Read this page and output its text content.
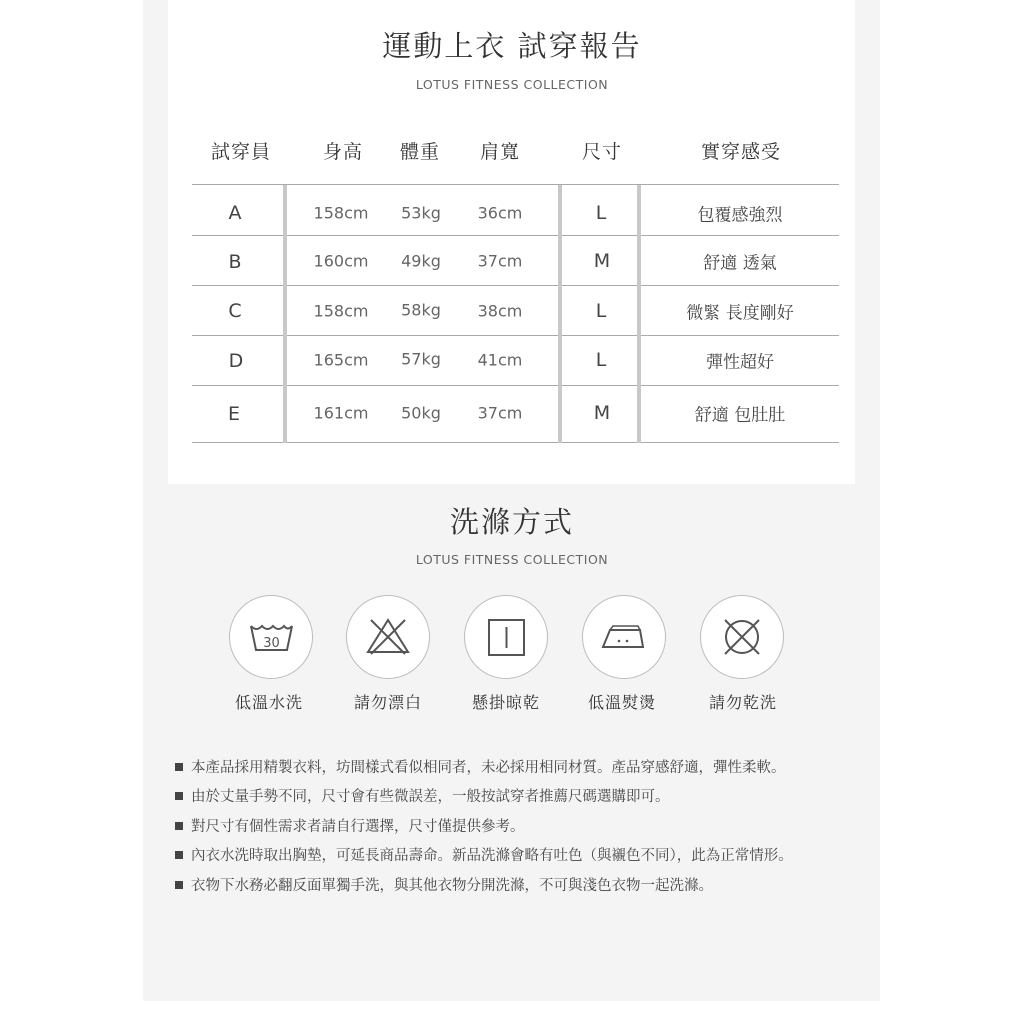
運動上衣 試穿報告
LOTUS FITNESS COLLECTION
試穿員	身高 體重 肩寬	尺寸	實穿感受
A	158cm 53kg 36cm	L	包覆感強烈
B	160cm 49kg 37cm	M	舒適 透氣
C	158cm 58kg 38cm	L	微緊 長度剛好
D	165cm 57kg 41cm	L	彈性超好
E	161cm 50kg 37cm	M	舒適 包肚肚
洗滌方式
LOTUS FITNESS COLLECTION
30
低溫水洗	請勿漂白	懸掛晾乾	低溫熨燙	請勿乾洗
本產品採用精製衣料，坊間樣式看似相同者，未必採用相同材質。產品穿感舒適，彈性柔軟。
由於丈量手勢不同，尺寸會有些微誤差，一般按試穿者推薦尺碼選購即可。
對尺寸有個性需求者請自行選擇，尺寸僅提供參考。
內衣水洗時取出胸墊，可延長商品壽命。新品洗滌會略有吐色（與襯色不同），此為正常情形。
衣物下水務必翻反面單獨手洗，與其他衣物分開洗滌，不可與淺色衣物一起洗滌。
